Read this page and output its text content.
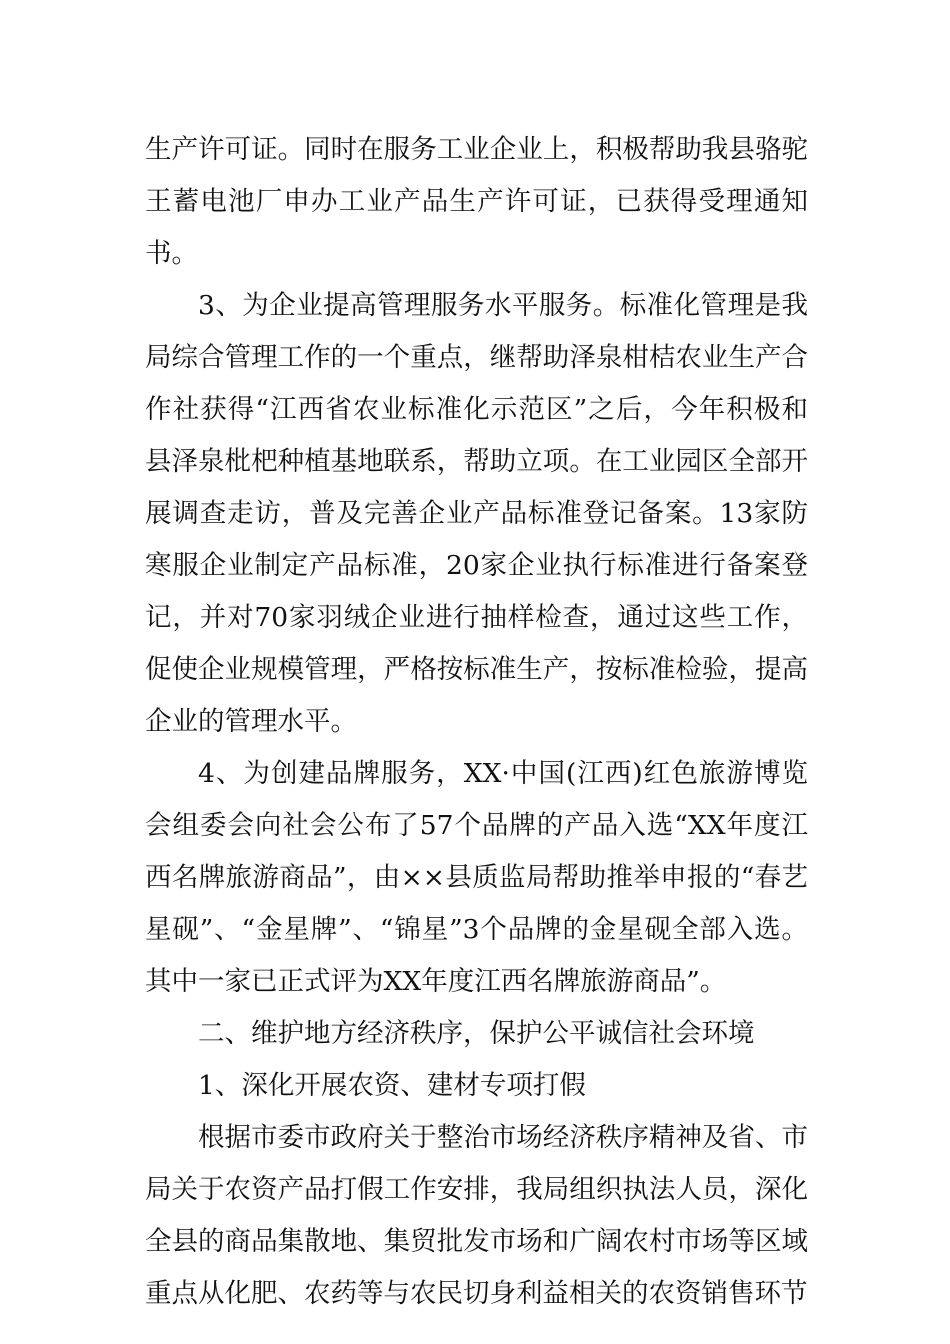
生产许可证。同时在服务工业企业上，积极帮助我县骆驼王蓄电池厂申办工业产品生产许可证，已获得受理通知书。

3、为企业提高管理服务水平服务。标准化管理是我局综合管理工作的一个重点，继帮助泽泉柑桔农业生产合作社获得“江西省农业标准化示范区”之后，今年积极和县泽泉枇杷种植基地联系，帮助立项。在工业园区全部开展调查走访，普及完善企业产品标准登记备案。13家防寒服企业制定产品标准，20家企业执行标准进行备案登记，并对70家羽绒企业进行抽样检查，通过这些工作，促使企业规模管理，严格按标准生产，按标准检验，提高企业的管理水平。

4、为创建品牌服务，XX·中国(江西)红色旅游博览会组委会向社会公布了57个品牌的产品入选“XX年度江西名牌旅游商品”，由××县质监局帮助推举申报的“春艺星砚”、“金星牌”、“锦星”3个品牌的金星砚全部入选。其中一家已正式评为XX年度江西名牌旅游商品”。

二、维护地方经济秩序，保护公平诚信社会环境

1、深化开展农资、建材专项打假

根据市委市政府关于整治市场经济秩序精神及省、市局关于农资产品打假工作安排，我局组织执法人员，深化全县的商品集散地、集贸批发市场和广阔农村市场等区域重点从化肥、农药等与农民切身利益相关的农资销售环节
